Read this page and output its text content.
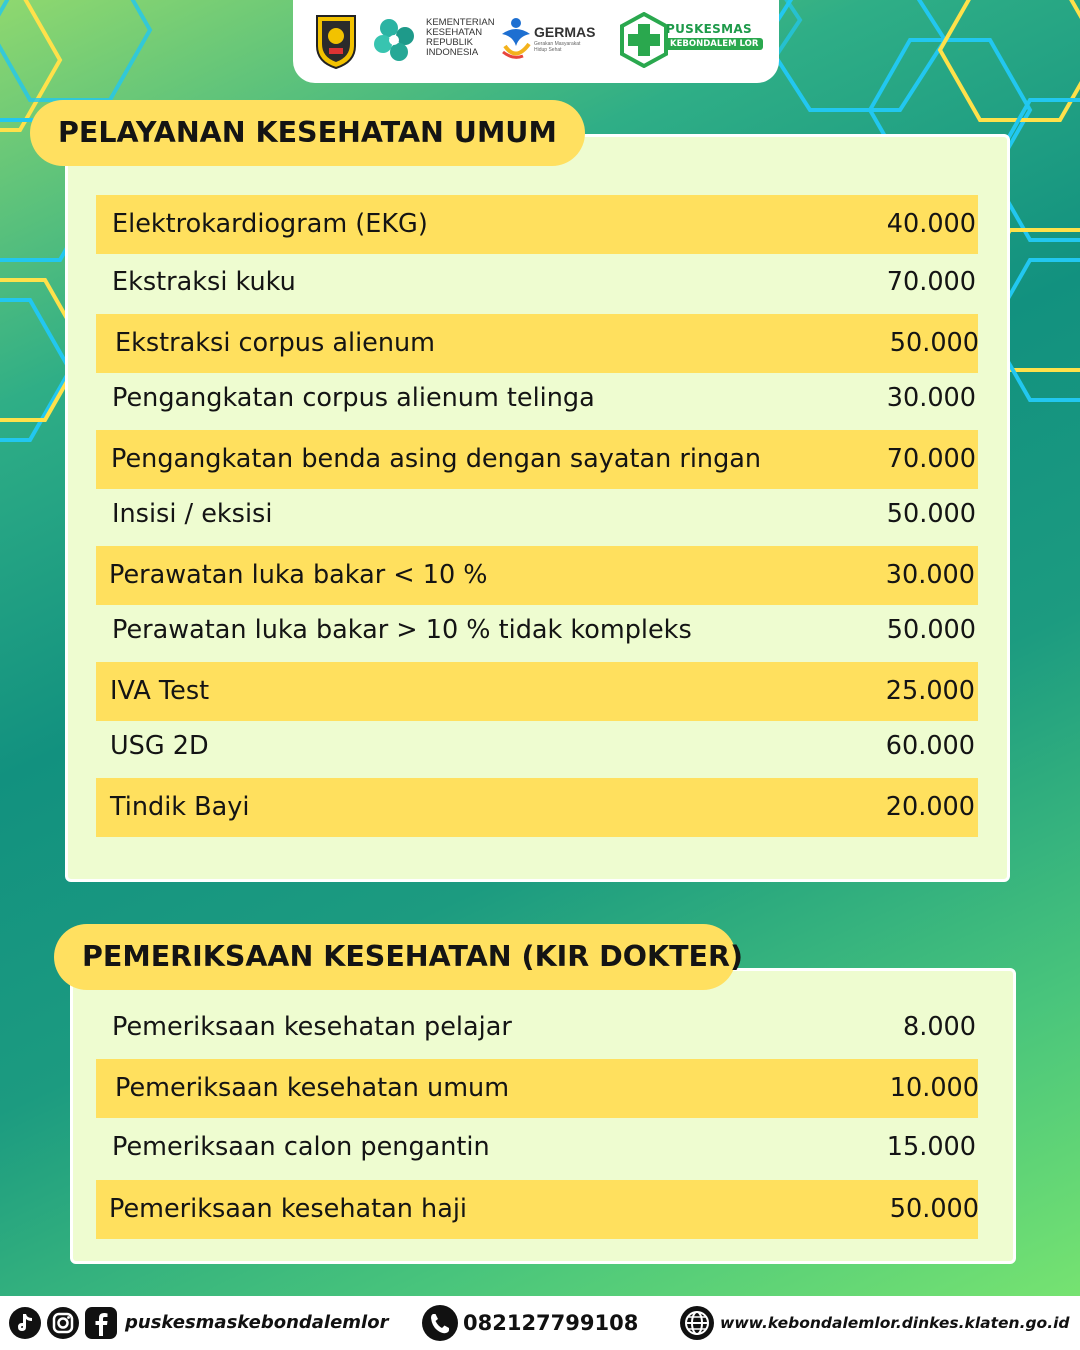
KEMENTERIAN KESEHATAN REPUBLIK INDONESIA
GERMAS
Gerakan Masyarakat Hidup Sehat
PUSKESMAS
KEBONDALEM LOR
PELAYANAN KESEHATAN UMUM
Elektrokardiogram (EKG)	40.000
Ekstraksi kuku	70.000
Ekstraksi corpus alienum	50.000
Pengangkatan corpus alienum telinga	30.000
Pengangkatan benda asing dengan sayatan ringan	70.000
Insisi / eksisi	50.000
Perawatan luka bakar < 10 %	30.000
Perawatan luka bakar > 10 % tidak kompleks	50.000
IVA Test	25.000
USG 2D	60.000
Tindik Bayi	20.000
PEMERIKSAAN KESEHATAN (KIR DOKTER)
Pemeriksaan kesehatan pelajar	8.000
Pemeriksaan kesehatan umum	10.000
Pemeriksaan calon pengantin	15.000
Pemeriksaan kesehatan haji	50.000
puskesmaskebondalemlor	082127799108	www.kebondalemlor.dinkes.klaten.go.id
